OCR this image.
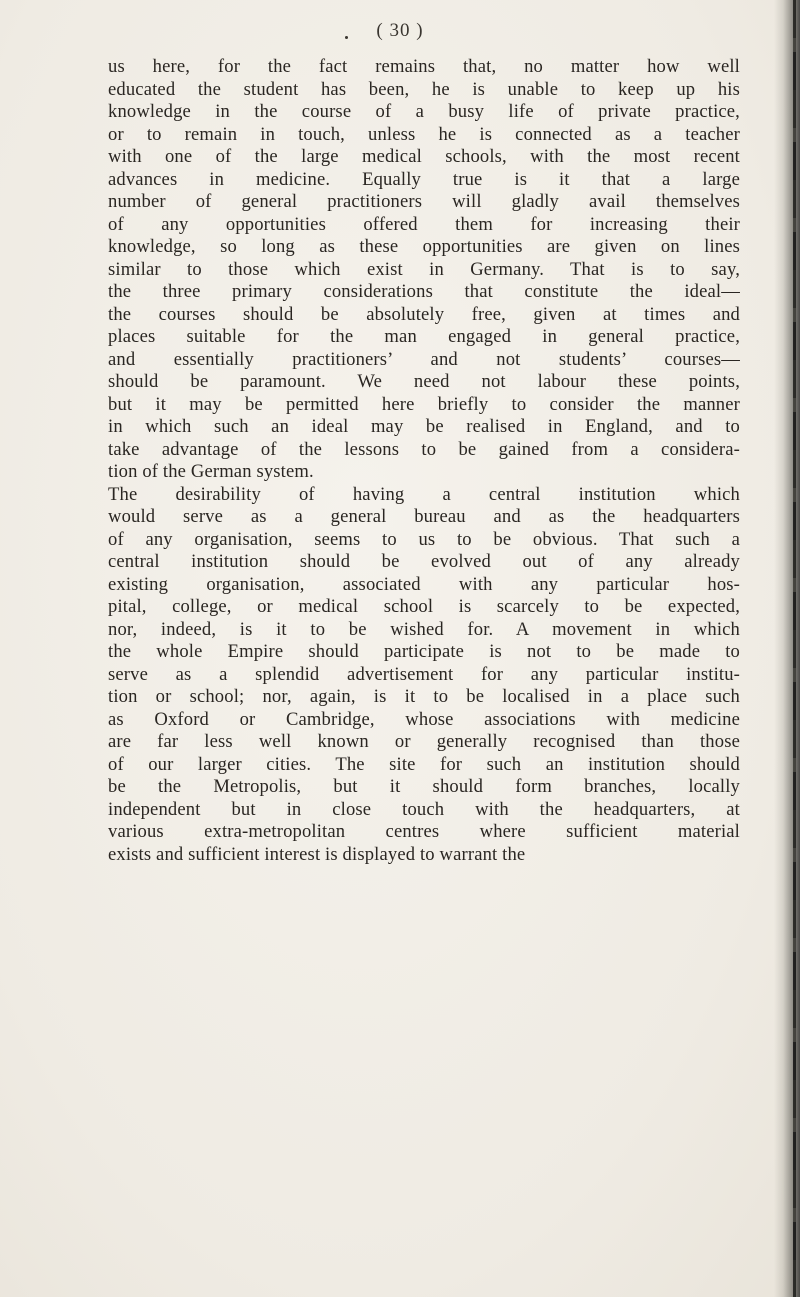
( 30 )
us here, for the fact remains that, no matter how well
educated the student has been, he is unable to keep up his
knowledge in the course of a busy life of private practice,
or to remain in touch, unless he is connected as a teacher
with one of the large medical schools, with the most recent
advances in medicine. Equally true is it that a large
number of general practitioners will gladly avail themselves
of any opportunities offered them for increasing their
knowledge, so long as these opportunities are given on lines
similar to those which exist in Germany. That is to say,
the three primary considerations that constitute the ideal—
the courses should be absolutely free, given at times and
places suitable for the man engaged in general practice,
and essentially practitioners’ and not students’ courses—
should be paramount. We need not labour these points,
but it may be permitted here briefly to consider the manner
in which such an ideal may be realised in England, and to
take advantage of the lessons to be gained from a considera-
tion of the German system.
The desirability of having a central institution which
would serve as a general bureau and as the headquarters
of any organisation, seems to us to be obvious. That such a
central institution should be evolved out of any already
existing organisation, associated with any particular hos-
pital, college, or medical school is scarcely to be expected,
nor, indeed, is it to be wished for. A movement in which
the whole Empire should participate is not to be made to
serve as a splendid advertisement for any particular institu-
tion or school; nor, again, is it to be localised in a place such
as Oxford or Cambridge, whose associations with medicine
are far less well known or generally recognised than those
of our larger cities. The site for such an institution should
be the Metropolis, but it should form branches, locally
independent but in close touch with the headquarters, at
various extra-metropolitan centres where sufficient material
exists and sufficient interest is displayed to warrant the
